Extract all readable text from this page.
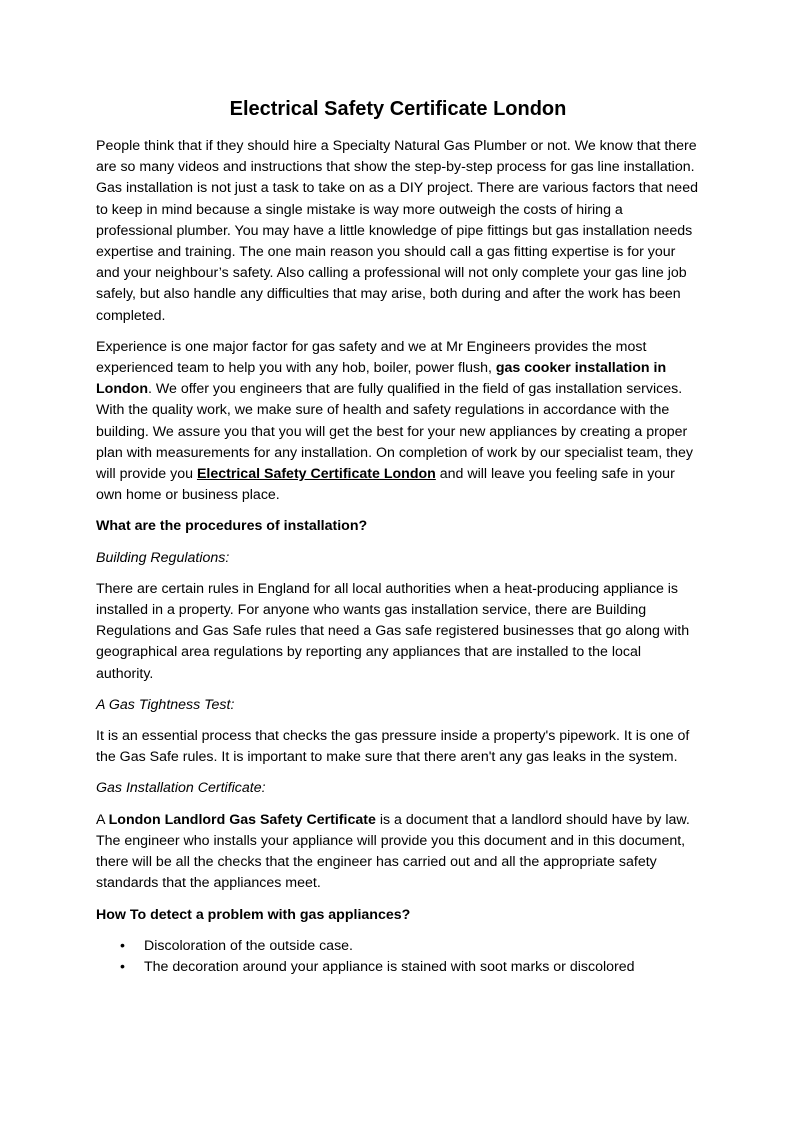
Electrical Safety Certificate London

People think that if they should hire a Specialty Natural Gas Plumber or not. We know that there are so many videos and instructions that show the step-by-step process for gas line installation. Gas installation is not just a task to take on as a DIY project. There are various factors that need to keep in mind because a single mistake is way more outweigh the costs of hiring a professional plumber. You may have a little knowledge of pipe fittings but gas installation needs expertise and training. The one main reason you should call a gas fitting expertise is for your and your neighbour’s safety. Also calling a professional will not only complete your gas line job safely, but also handle any difficulties that may arise, both during and after the work has been completed.

Experience is one major factor for gas safety and we at Mr Engineers provides the most experienced team to help you with any hob, boiler, power flush, gas cooker installation in London. We offer you engineers that are fully qualified in the field of gas installation services. With the quality work, we make sure of health and safety regulations in accordance with the building. We assure you that you will get the best for your new appliances by creating a proper plan with measurements for any installation. On completion of work by our specialist team, they will provide you Electrical Safety Certificate London and will leave you feeling safe in your own home or business place.

What are the procedures of installation?

Building Regulations:

There are certain rules in England for all local authorities when a heat-producing appliance is installed in a property. For anyone who wants gas installation service, there are Building Regulations and Gas Safe rules that need a Gas safe registered businesses that go along with geographical area regulations by reporting any appliances that are installed to the local authority.

A Gas Tightness Test:

It is an essential process that checks the gas pressure inside a property's pipework. It is one of the Gas Safe rules. It is important to make sure that there aren't any gas leaks in the system.

Gas Installation Certificate:

A London Landlord Gas Safety Certificate is a document that a landlord should have by law. The engineer who installs your appliance will provide you this document and in this document, there will be all the checks that the engineer has carried out and all the appropriate safety standards that the appliances meet.

How To detect a problem with gas appliances?

• Discoloration of the outside case.
• The decoration around your appliance is stained with soot marks or discolored
